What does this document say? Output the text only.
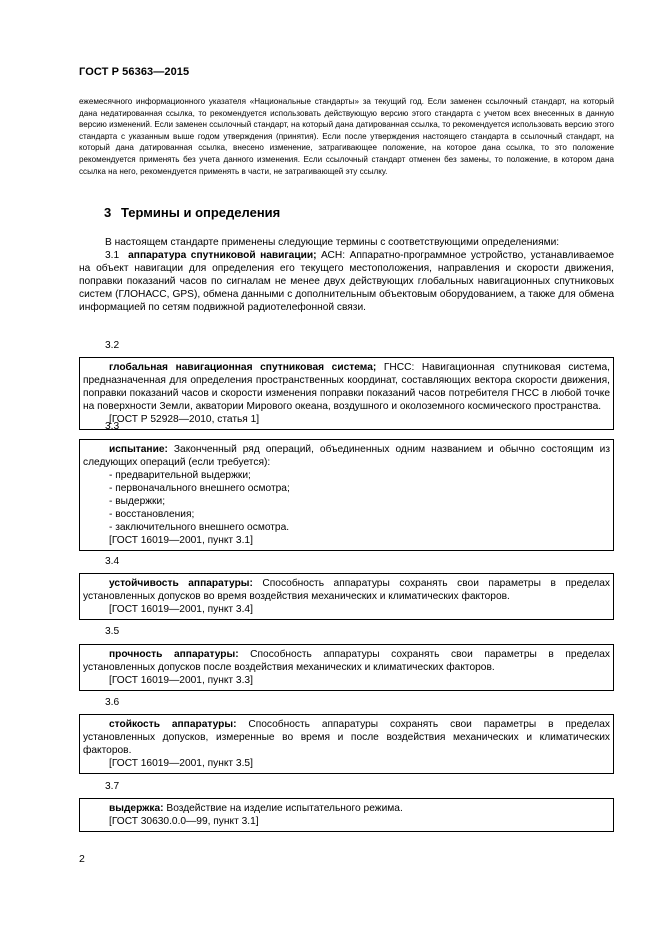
ГОСТ Р 56363—2015

ежемесячного информационного указателя «Национальные стандарты» за текущий год. Если заменен ссылочный стандарт, на который дана недатированная ссылка, то рекомендуется использовать действующую версию этого стандарта с учетом всех внесенных в данную версию изменений. Если заменен ссылочный стандарт, на который дана датированная ссылка, то рекомендуется использовать версию этого стандарта с указанным выше годом утверждения (принятия). Если после утверждения настоящего стандарта в ссылочный стандарт, на который дана датированная ссылка, внесено изменение, затрагивающее положение, на которое дана ссылка, то это положение рекомендуется применять без учета данного изменения. Если ссылочный стандарт отменен без замены, то положение, в котором дана ссылка на него, рекомендуется применять в части, не затрагивающей эту ссылку.

3 Термины и определения

В настоящем стандарте применены следующие термины с соответствующими определениями:

3.1 аппаратура спутниковой навигации; АСН: Аппаратно-программное устройство, устанавливаемое на объект навигации для определения его текущего местоположения, направления и скорости движения, поправки показаний часов по сигналам не менее двух действующих глобальных навигационных спутниковых систем (ГЛОНАСС, GPS), обмена данными с дополнительным объектовым оборудованием, а также для обмена информацией по сетям подвижной радиотелефонной связи.

3.2

глобальная навигационная спутниковая система; ГНСС: Навигационная спутниковая система, предназначенная для определения пространственных координат, составляющих вектора скорости движения, поправки показаний часов и скорости изменения поправки показаний часов потребителя ГНСС в любой точке на поверхности Земли, акватории Мирового океана, воздушного и околоземного космического пространства.

[ГОСТ Р 52928—2010, статья 1]

3.3

испытание: Законченный ряд операций, объединенных одним названием и обычно состоящим из следующих операций (если требуется):

- предварительной выдержки;

- первоначального внешнего осмотра;

- выдержки;

- восстановления;

- заключительного внешнего осмотра.

[ГОСТ 16019—2001, пункт 3.1]

3.4

устойчивость аппаратуры: Способность аппаратуры сохранять свои параметры в пределах установленных допусков во время воздействия механических и климатических факторов.

[ГОСТ 16019—2001, пункт 3.4]

3.5

прочность аппаратуры: Способность аппаратуры сохранять свои параметры в пределах установленных допусков после воздействия механических и климатических факторов.

[ГОСТ 16019—2001, пункт 3.3]

3.6

стойкость аппаратуры: Способность аппаратуры сохранять свои параметры в пределах установленных допусков, измеренные во время и после воздействия механических и климатических факторов.

[ГОСТ 16019—2001, пункт 3.5]

3.7

выдержка: Воздействие на изделие испытательного режима.

[ГОСТ 30630.0.0—99, пункт 3.1]

2
